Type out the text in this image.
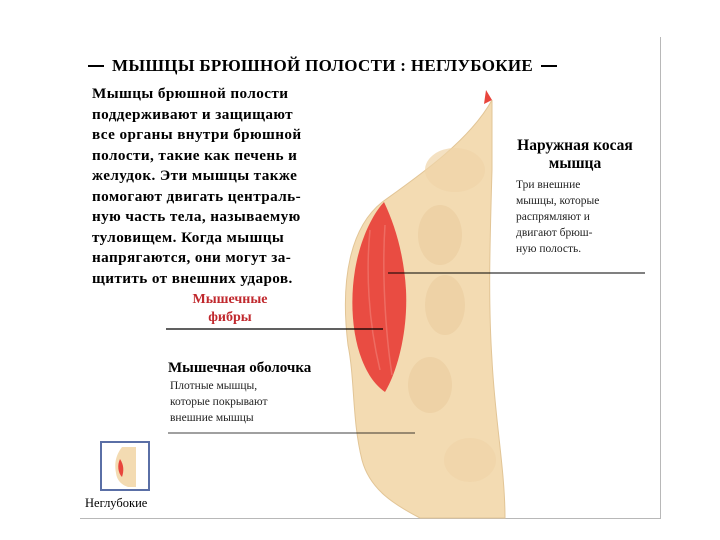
МЫШЦЫ БРЮШНОЙ ПОЛОСТИ : НЕГЛУБОКИЕ
Мышцы брюшной полости
поддерживают и защищают
все органы внутри брюшной
полости, такие как печень и
желудок. Эти мышцы также
помогают двигать централь-
ную часть тела, называемую
туловищем. Когда мышцы
напрягаются, они могут за-
щитить от внешних ударов.
Наружная косая
мышца
Три внешние
мышцы, которые
распрямляют и
двигают брюш-
ную полость.
Мышечные
фибры
Мышечная оболочка
Плотные мышцы,
которые покрывают
внешние мышцы
Неглубокие
